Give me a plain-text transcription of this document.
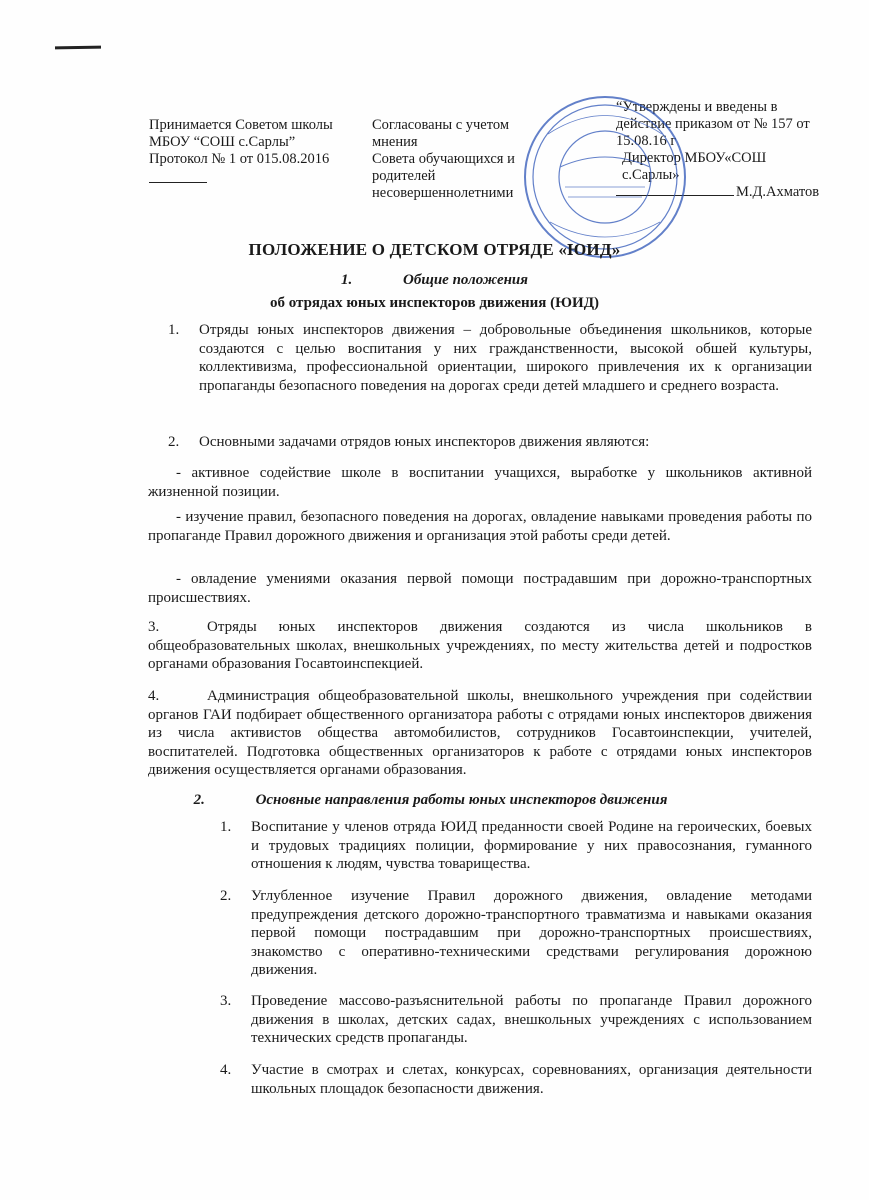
Принимается Советом школы
МБОУ “СОШ с.Сарлы”
Протокол № 1 от 015.08.2016
Согласованы с учетом мнения
Совета обучающихся и
родителей
несовершеннолетними
“Утверждены и введены в
действие приказом от № 157 от
15.08.16 г
Директор МБОУ«СОШ
с.Сарлы»
М.Д.Ахматов
ПОЛОЖЕНИЕ О ДЕТСКОМ ОТРЯДЕ «ЮИД»
1.	Общие положения
об отрядах юных инспекторов движения (ЮИД)
1. Отряды юных инспекторов движения – добровольные объединения школьников, которые создаются с целью воспитания у них гражданственности, высокой обшей культуры, коллективизма, профессиональной ориентации, широкого привлечения их к организации пропаганды безопасного поведения на дорогах среди детей младшего и среднего возраста.
2. Основными задачами отрядов юных инспекторов движения являются:
- активное содействие школе в воспитании учащихся, выработке у школьников активной жизненной позиции.
- изучение правил, безопасного поведения на дорогах, овладение навыками проведения работы по пропаганде Правил дорожного движения и организация этой работы среди детей.
- овладение умениями оказания первой помощи пострадавшим при дорожно-транспортных происшествиях.
3.	Отряды юных инспекторов движения создаются из числа школьников в общеобразовательных школах, внешкольных учреждениях, по месту жительства детей и подростков органами образования Госавтоинспекцией.
4.	Администрация общеобразовательной школы, внешкольного учреждения при содействии органов ГАИ подбирает общественного организатора работы с отрядами юных инспекторов движения из числа активистов общества автомобилистов, сотрудников Госавтоинспекции, учителей, воспитателей. Подготовка общественных организаторов к работе с отрядами юных инспекторов движения осуществляется органами образования.
2.	Основные направления работы юных инспекторов движения
1. Воспитание у членов отряда ЮИД преданности своей Родине на героических, боевых и трудовых традициях полиции, формирование у них правосознания, гуманного отношения к людям, чувства товарищества.
2. Углубленное изучение Правил дорожного движения, овладение методами предупреждения детского дорожно-транспортного травматизма и навыками оказания первой помощи пострадавшим при дорожно-транспортных происшествиях, знакомство с оперативно-техническими средствами регулирования дорожною движения.
3. Проведение массово-разъяснительной работы по пропаганде Правил дорожного движения в школах, детских садах, внешкольных учреждениях с использованием технических средств пропаганды.
4. Участие в смотрах и слетах, конкурсах, соревнованиях, организация деятельности школьных площадок безопасности движения.
